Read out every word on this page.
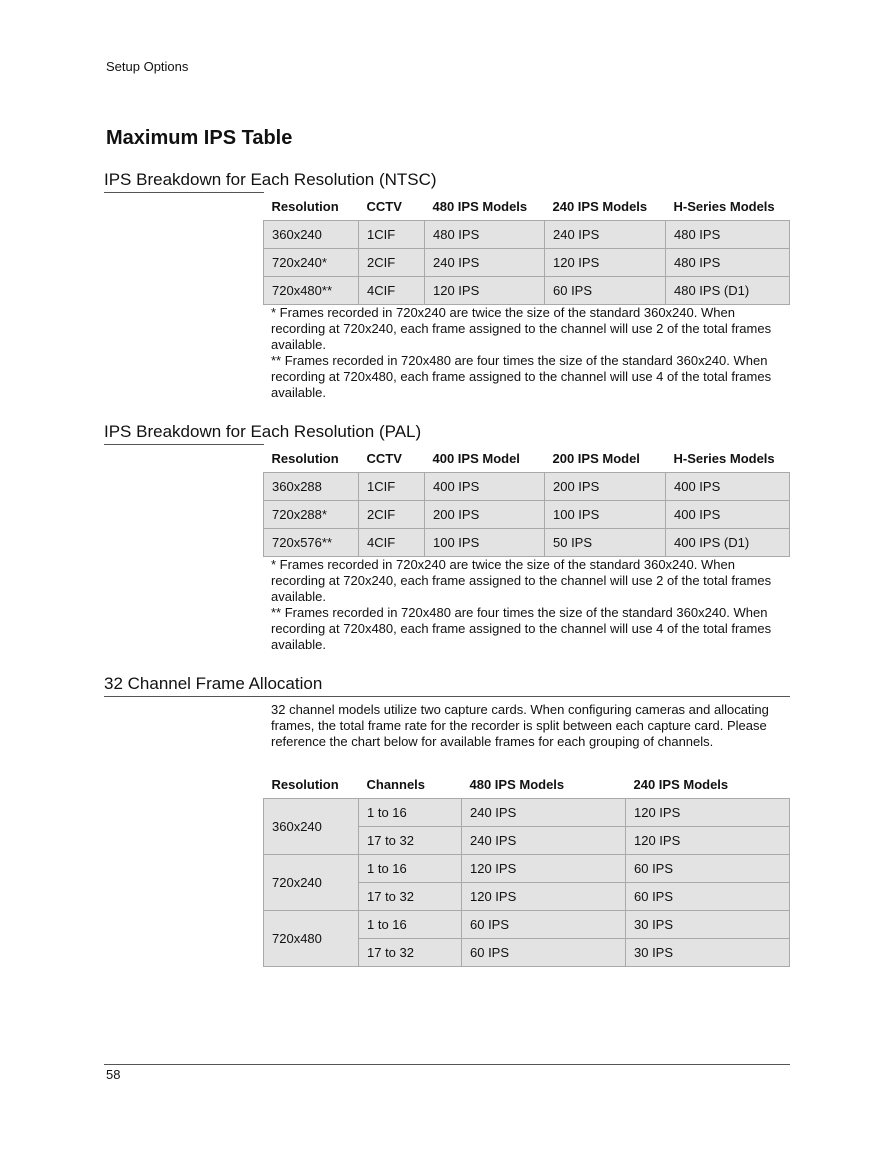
Setup Options
Maximum IPS Table
IPS Breakdown for Each Resolution (NTSC)
Resolution	CCTV	480 IPS Models	240 IPS Models	H-Series Models
360x240	1CIF	480 IPS	240 IPS	480 IPS
720x240*	2CIF	240 IPS	120 IPS	480 IPS
720x480**	4CIF	120 IPS	60 IPS	480 IPS (D1)

* Frames recorded in 720x240 are twice the size of the standard 360x240. When recording at 720x240, each frame assigned to the channel will use 2 of the total frames available.

** Frames recorded in 720x480 are four times the size of the standard 360x240. When recording at 720x480, each frame assigned to the channel will use 4 of the total frames available.

IPS Breakdown for Each Resolution (PAL)
Resolution	CCTV	400 IPS Model	200 IPS Model	H-Series Models
360x288	1CIF	400 IPS	200 IPS	400 IPS
720x288*	2CIF	200 IPS	100 IPS	400 IPS
720x576**	4CIF	100 IPS	50 IPS	400 IPS (D1)

* Frames recorded in 720x240 are twice the size of the standard 360x240. When recording at 720x240, each frame assigned to the channel will use 2 of the total frames available.

** Frames recorded in 720x480 are four times the size of the standard 360x240. When recording at 720x480, each frame assigned to the channel will use 4 of the total frames available.

32 Channel Frame Allocation
32 channel models utilize two capture cards. When configuring cameras and allocating frames, the total frame rate for the recorder is split between each capture card. Please reference the chart below for available frames for each grouping of channels.
Resolution	Channels	480 IPS Models	240 IPS Models
360x240	1 to 16	240 IPS	120 IPS
	17 to 32	240 IPS	120 IPS
720x240	1 to 16	120 IPS	60 IPS
	17 to 32	120 IPS	60 IPS
720x480	1 to 16	60 IPS	30 IPS
	17 to 32	60 IPS	30 IPS
58
